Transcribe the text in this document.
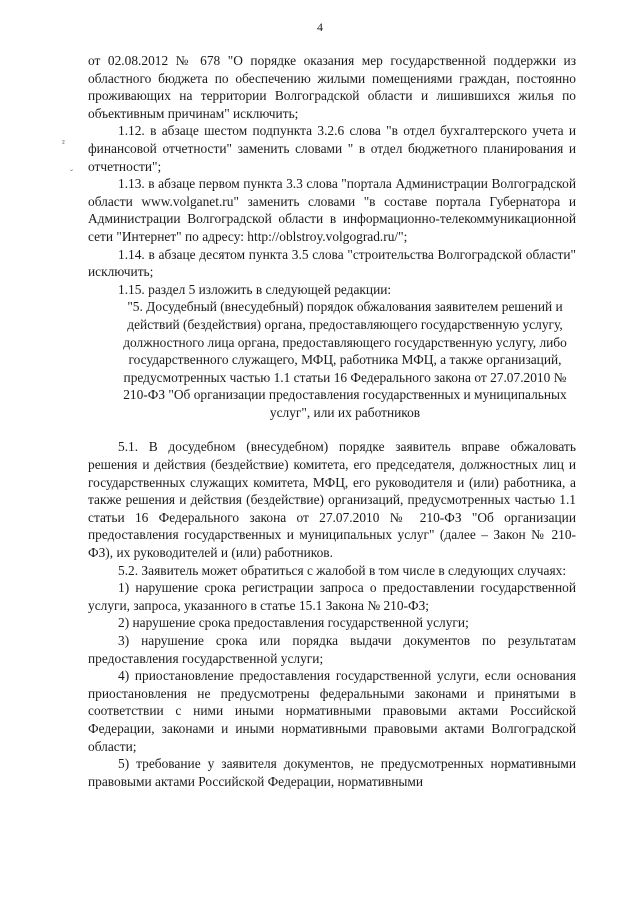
4
²
˘

от 02.08.2012 № 678 "О порядке оказания мер государственной поддержки из областного бюджета по обеспечению жилыми помещениями граждан, постоянно проживающих на территории Волгоградской области и лишившихся жилья по объективным причинам" исключить;

1.12. в абзаце шестом подпункта 3.2.6 слова "в отдел бухгалтерского учета и финансовой отчетности" заменить словами " в отдел бюджетного планирования и отчетности";

1.13. в абзаце первом пункта 3.3 слова "портала Администрации Волгоградской области www.volganet.ru" заменить словами "в составе портала Губернатора и Администрации Волгоградской области в информационно-телекоммуникационной сети "Интернет" по адресу: http://oblstroy.volgograd.ru/";

1.14. в абзаце десятом пункта 3.5 слова "строительства Волгоградской области" исключить;

1.15. раздел 5 изложить в следующей редакции:

"5. Досудебный (внесудебный) порядок обжалования заявителем решений и действий (бездействия) органа, предоставляющего государственную услугу, должностного лица органа, предоставляющего государственную услугу, либо государственного служащего, МФЦ, работника МФЦ, а также организаций, предусмотренных частью 1.1 статьи 16 Федерального закона от 27.07.2010 № 210-ФЗ "Об организации предоставления государственных и муниципальных услуг", или их работников

5.1. В досудебном (внесудебном) порядке заявитель вправе обжаловать решения и действия (бездействие) комитета, его председателя, должностных лиц и государственных служащих комитета, МФЦ, его руководителя и (или) работника, а также решения и действия (бездействие) организаций, предусмотренных частью 1.1 статьи 16 Федерального закона от 27.07.2010 № 210-ФЗ "Об организации предоставления государственных и муниципальных услуг" (далее – Закон № 210-ФЗ), их руководителей и (или) работников.

5.2. Заявитель может обратиться с жалобой в том числе в следующих случаях:

1) нарушение срока регистрации запроса о предоставлении государственной услуги, запроса, указанного в статье 15.1 Закона № 210-ФЗ;

2) нарушение срока предоставления государственной услуги;

3) нарушение срока или порядка выдачи документов по результатам предоставления государственной услуги;

4) приостановление предоставления государственной услуги, если основания приостановления не предусмотрены федеральными законами и принятыми в соответствии с ними иными нормативными правовыми актами Российской Федерации, законами и иными нормативными правовыми актами Волгоградской области;

5) требование у заявителя документов, не предусмотренных нормативными правовыми актами Российской Федерации, нормативными
